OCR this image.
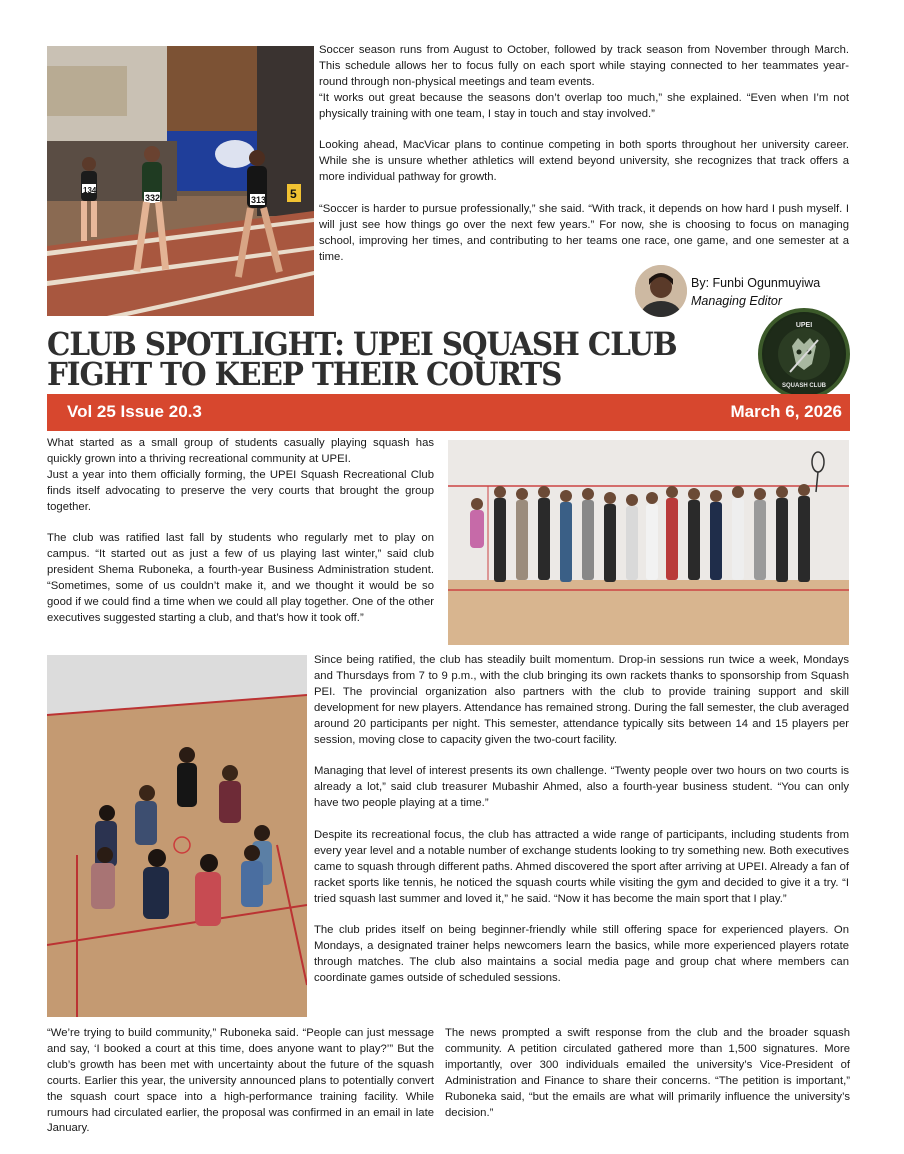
134
332	313 5

Soccer season runs from August to October, followed by track season from November through March. This schedule allows her to focus fully on each sport while staying connected to her teammates year-round through non-physical meetings and team events.

“It works out great because the seasons don’t overlap too much,” she explained. “Even when I’m not physically training with one team, I stay in touch and stay involved.”

Looking ahead, MacVicar plans to continue competing in both sports throughout her university career. While she is unsure whether athletics will extend beyond university, she recognizes that track offers a more individual pathway for growth.

“Soccer is harder to pursue professionally,” she said. “With track, it depends on how hard I push myself. I will just see how things go over the next few years.” For now, she is choosing to focus on managing school, improving her times, and contributing to her teams one race, one game, and one semester at a time.

By: Funbi Ogunmuyiwa
Managing Editor
CLUB SPOTLIGHT: UPEI SQUASH CLUB
FIGHT TO KEEP THEIR COURTS
UPEI
SQUASH CLUB
Vol 25 Issue 20.3	March 6, 2026

What started as a small group of students casually playing squash has quickly grown into a thriving recreational community at UPEI.

Just a year into them officially forming, the UPEI Squash Recreational Club finds itself advocating to preserve the very courts that brought the group together.

The club was ratified last fall by students who regularly met to play on campus. “It started out as just a few of us playing last winter,” said club president Shema Ruboneka, a fourth-year Business Administration student. “Sometimes, some of us couldn’t make it, and we thought it would be so good if we could find a time when we could all play together. One of the other executives suggested starting a club, and that’s how it took off.”

Since being ratified, the club has steadily built momentum. Drop-in sessions run twice a week, Mondays and Thursdays from 7 to 9 p.m., with the club bringing its own rackets thanks to sponsorship from Squash PEI. The provincial organization also partners with the club to provide training support and skill development for new players. Attendance has remained strong. During the fall semester, the club averaged around 20 participants per night. This semester, attendance typically sits between 14 and 15 players per session, moving close to capacity given the two-court facility.

Managing that level of interest presents its own challenge. “Twenty people over two hours on two courts is already a lot,” said club treasurer Mubashir Ahmed, also a fourth-year business student. “You can only have two people playing at a time.”

Despite its recreational focus, the club has attracted a wide range of participants, including students from every year level and a notable number of exchange students looking to try something new. Both executives came to squash through different paths. Ahmed discovered the sport after arriving at UPEI. Already a fan of racket sports like tennis, he noticed the squash courts while visiting the gym and decided to give it a try. “I tried squash last summer and loved it,” he said. “Now it has become the main sport that I play.”

The club prides itself on being beginner-friendly while still offering space for experienced players. On Mondays, a designated trainer helps newcomers learn the basics, while more experienced players rotate through matches. The club also maintains a social media page and group chat where members can coordinate games outside of scheduled sessions.

“We’re trying to build community,” Ruboneka said. “People can just message and say, ‘I booked a court at this time, does anyone want to play?’” But the club’s growth has been met with uncertainty about the future of the squash courts. Earlier this year, the university announced plans to potentially convert the squash court space into a high-performance training facility. While rumours had circulated earlier, the proposal was confirmed in an email in late January.

The news prompted a swift response from the club and the broader squash community. A petition circulated gathered more than 1,500 signatures. More importantly, over 300 individuals emailed the university’s Vice-President of Administration and Finance to share their concerns. “The petition is important,” Ruboneka said, “but the emails are what will primarily influence the university’s decision.”
